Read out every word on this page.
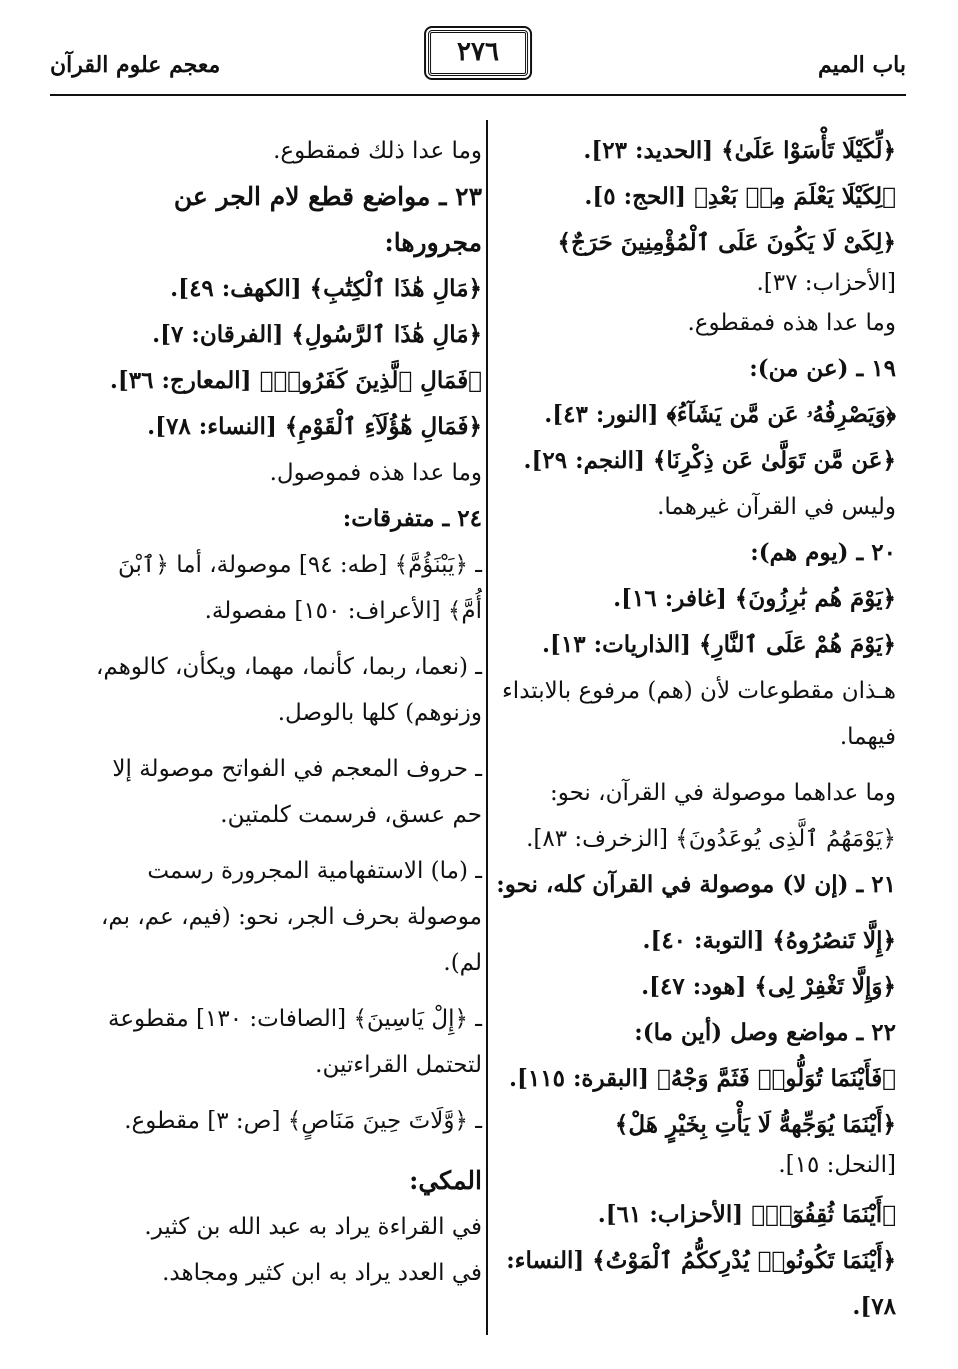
باب الميم
٢٧٦
معجم علوم القرآن

﴿لِّكَيْلَا تَأْسَوْا عَلَىٰ﴾ [الحديد: ٢٣].

﴿لِكَيْلَا يَعْلَمَ مِنۢ بَعْدِ﴾ [الحج: ٥].

﴿لِكَىْ لَا يَكُونَ عَلَى ٱلْمُؤْمِنِينَ حَرَجٌ﴾

[الأحزاب: ٣٧].

وما عدا هذه فمقطوع.

١٩ ـ (عن من):

﴿وَيَصْرِفُهُۥ عَن مَّن يَشَآءُ﴾ [النور: ٤٣].

﴿عَن مَّن تَوَلَّىٰ عَن ذِكْرِنَا﴾ [النجم: ٢٩].

وليس في القرآن غيرهما.

٢٠ ـ (يوم هم):

﴿يَوْمَ هُم بَٰرِزُونَ﴾ [غافر: ١٦].

﴿يَوْمَ هُمْ عَلَى ٱلنَّارِ﴾ [الذاريات: ١٣].

هـذان مقطوعات لأن (هم) مرفوع بالابتداء فيهما.

وما عداهما موصولة في القرآن، نحو: ﴿يَوْمَهُمُ ٱلَّذِى يُوعَدُونَ﴾ [الزخرف: ٨٣].

٢١ ـ (إن لا) موصولة في القرآن كله، نحو:

﴿إِلَّا تَنصُرُوهُ﴾ [التوبة: ٤٠].

﴿وَإِلَّا تَغْفِرْ لِى﴾ [هود: ٤٧].

٢٢ ـ مواضع وصل (أين ما):

﴿فَأَيْنَمَا تُوَلُّوا۟ فَثَمَّ وَجْهُ﴾ [البقرة: ١١٥].

﴿أَيْنَمَا يُوَجِّههُّ لَا يَأْتِ بِخَيْرٍ هَلْ﴾

[النحل: ١٥].

﴿أَيْنَمَا ثُقِفُوٓا۟﴾ [الأحزاب: ٦١].

﴿أَيْنَمَا تَكُونُوا۟ يُدْرِككُّمُ ٱلْمَوْتُ﴾ [النساء: ٧٨].

وما عدا ذلك فمقطوع.

٢٣ ـ مواضع قطع لام الجر عن مجرورها:

﴿مَالِ هَٰذَا ٱلْكِتَٰبِ﴾ [الكهف: ٤٩].

﴿مَالِ هَٰذَا ٱلرَّسُولِ﴾ [الفرقان: ٧].

﴿فَمَالِ ٱلَّذِينَ كَفَرُوا۟﴾ [المعارج: ٣٦].

﴿فَمَالِ هَٰٓؤُلَآءِ ٱلْقَوْمِ﴾ [النساء: ٧٨].

وما عدا هذه فموصول.

٢٤ ـ متفرقات:

ـ ﴿يَبْنَؤُمَّ﴾ [طه: ٩٤] موصولة، أما ﴿ٱبْنَ أُمَّ﴾ [الأعراف: ١٥٠] مفصولة.

ـ (نعما، ربما، كأنما، مهما، ويكأن، كالوهم، وزنوهم) كلها بالوصل.

ـ حروف المعجم في الفواتح موصولة إلا حم عسق، فرسمت كلمتين.

ـ (ما) الاستفهامية المجرورة رسمت موصولة بحرف الجر، نحو: (فيم، عم، بم، لم).

ـ ﴿إِلْ يَاسِينَ﴾ [الصافات: ١٣٠] مقطوعة لتحتمل القراءتين.

ـ ﴿وَّلَاتَ حِينَ مَنَاصٍ﴾ [ص: ٣] مقطوع.

المكي:

في القراءة يراد به عبد الله بن كثير.

في العدد يراد به ابن كثير ومجاهد.
